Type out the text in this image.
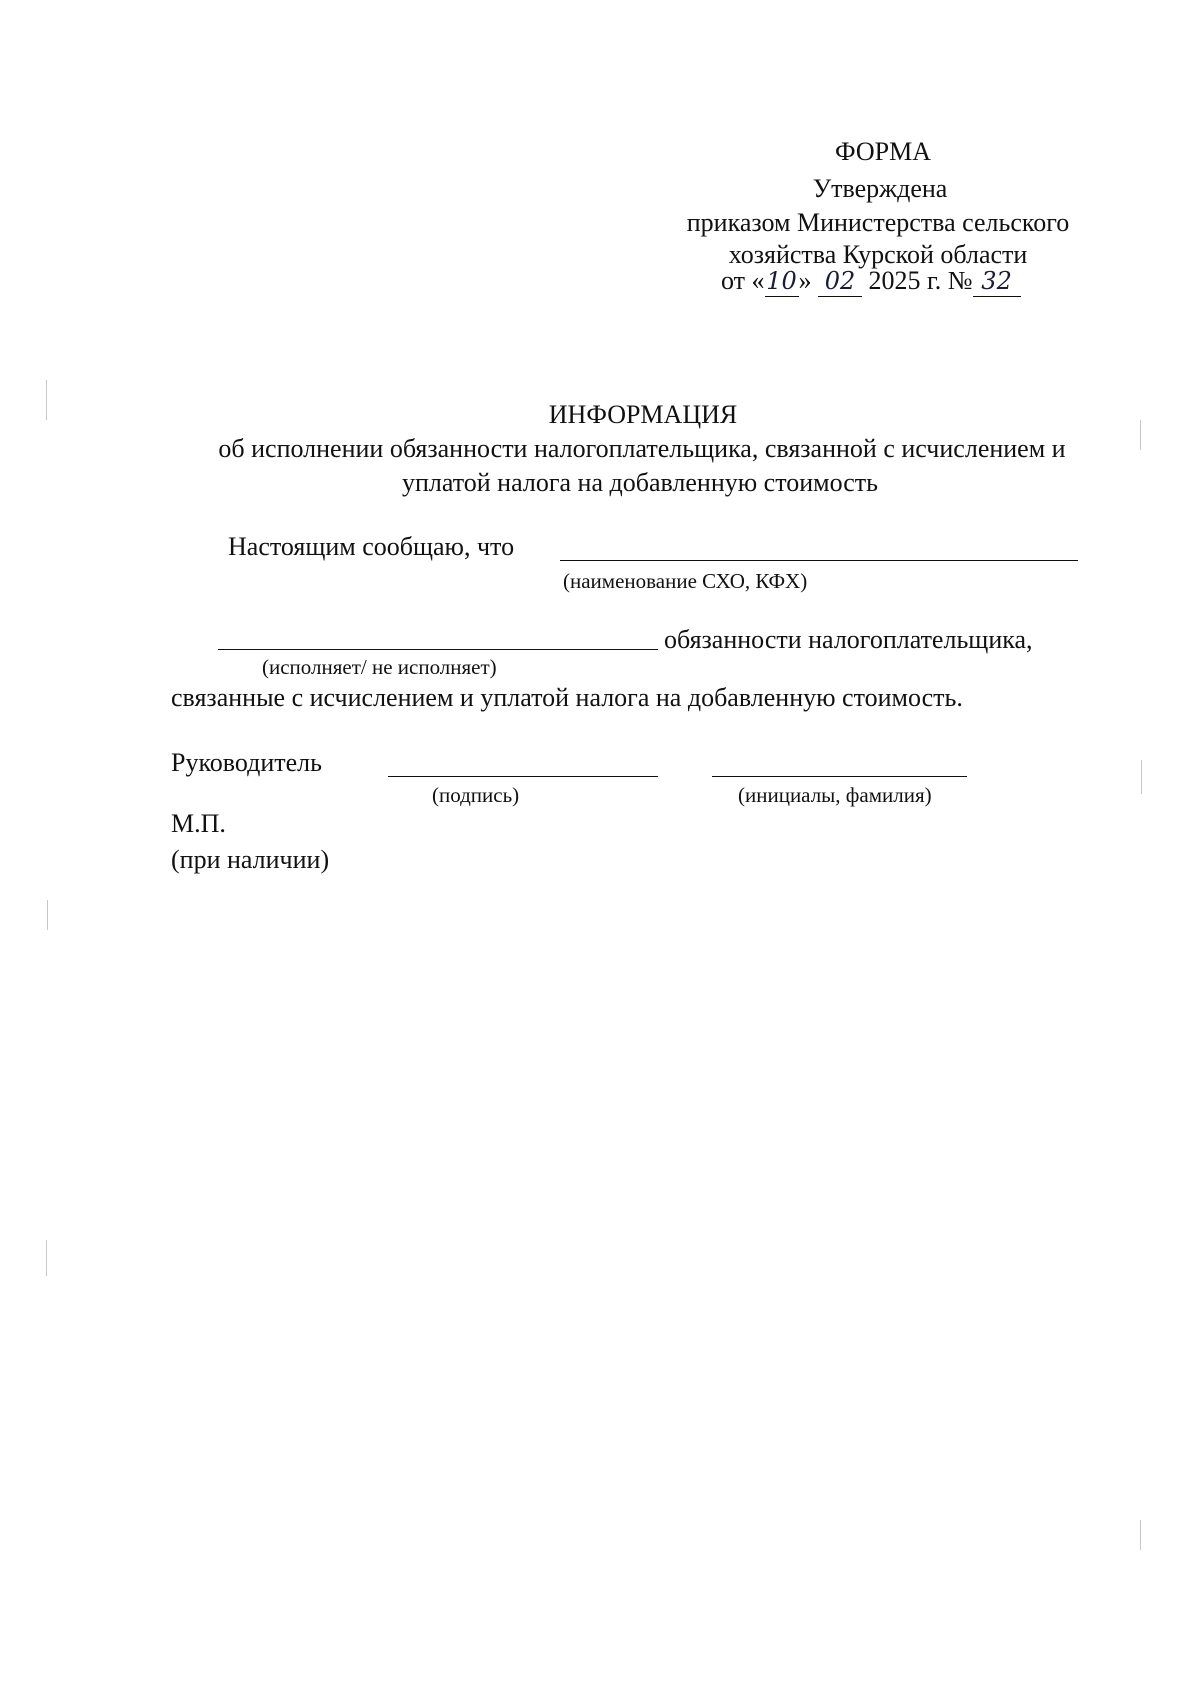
ФОРМА
Утверждена
приказом Министерства сельского
хозяйства Курской области
от «10» 02 2025 г. № 32
ИНФОРМАЦИЯ
об исполнении обязанности налогоплательщика, связанной с исчислением и
уплатой налога на добавленную стоимость
Настоящим сообщаю, что
(наименование СХО, КФХ)
обязанности налогоплательщика,
(исполняет/ не исполняет)
связанные с исчислением и уплатой налога на добавленную стоимость.
Руководитель
(подпись)	(инициалы, фамилия)
М.П.
(при наличии)
